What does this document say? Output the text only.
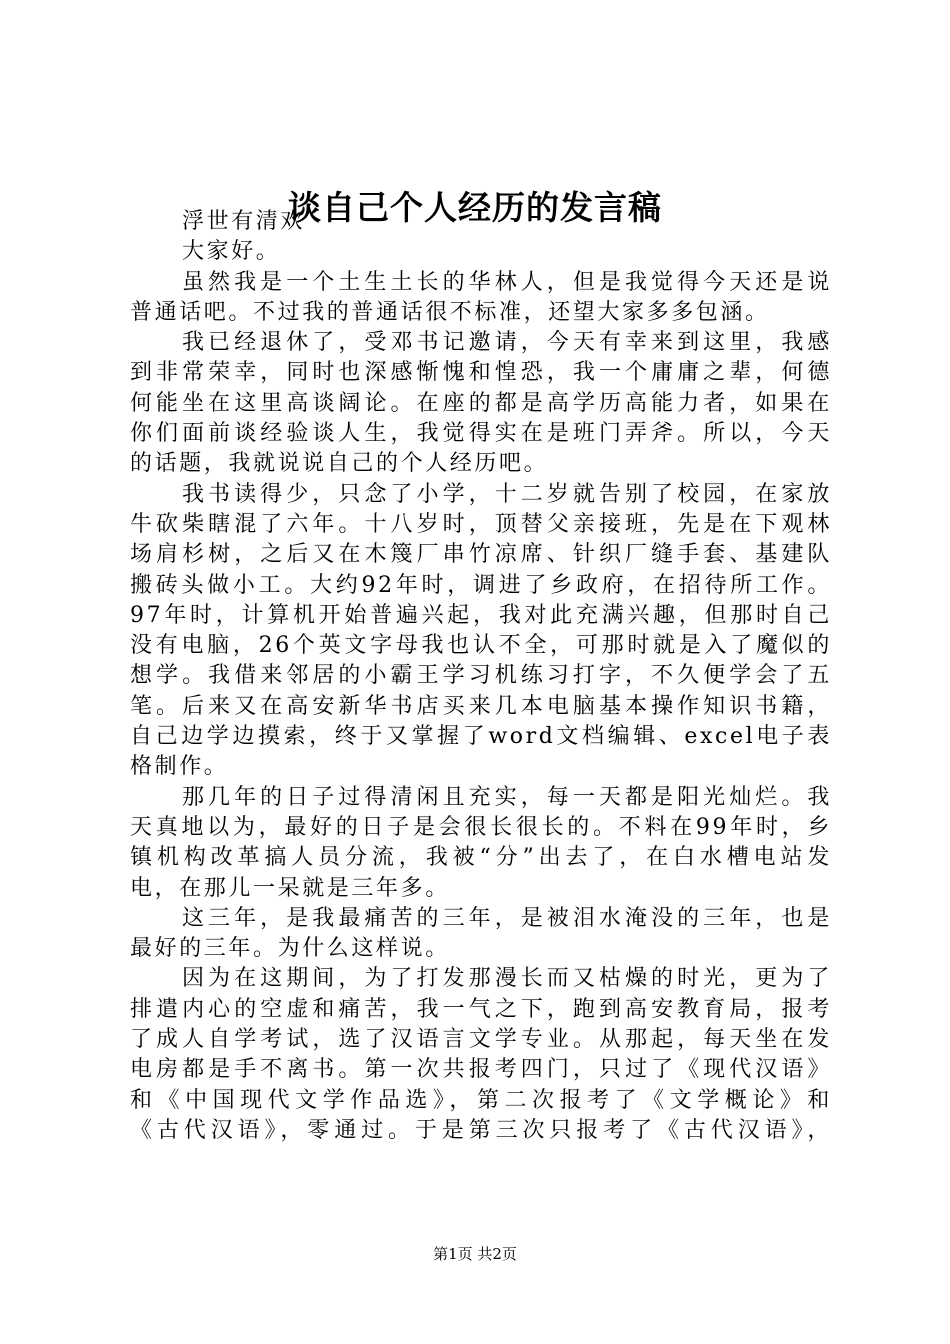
谈自己个人经历的发言稿
浮世有清欢
大家好。
虽然我是一个土生土长的华林人，但是我觉得今天还是说
普通话吧。不过我的普通话很不标准，还望大家多多包涵。
我已经退休了，受邓书记邀请，今天有幸来到这里，我感
到非常荣幸，同时也深感惭愧和惶恐，我一个庸庸之辈，何德
何能坐在这里高谈阔论。在座的都是高学历高能力者，如果在
你们面前谈经验谈人生，我觉得实在是班门弄斧。所以，今天
的话题，我就说说自己的个人经历吧。
我书读得少，只念了小学，十二岁就告别了校园，在家放
牛砍柴瞎混了六年。十八岁时，顶替父亲接班，先是在下观林
场肩杉树，之后又在木篾厂串竹凉席、针织厂缝手套、基建队
搬砖头做小工。大约92年时，调进了乡政府，在招待所工作。
97年时，计算机开始普遍兴起，我对此充满兴趣，但那时自己
没有电脑，26个英文字母我也认不全，可那时就是入了魔似的
想学。我借来邻居的小霸王学习机练习打字，不久便学会了五
笔。后来又在高安新华书店买来几本电脑基本操作知识书籍，
自己边学边摸索，终于又掌握了word文档编辑、excel电子表
格制作。
那几年的日子过得清闲且充实，每一天都是阳光灿烂。我
天真地以为，最好的日子是会很长很长的。不料在99年时，乡
镇机构改革搞人员分流，我被“分”出去了，在白水槽电站发
电，在那儿一呆就是三年多。
这三年，是我最痛苦的三年，是被泪水淹没的三年，也是
最好的三年。为什么这样说。
因为在这期间，为了打发那漫长而又枯燥的时光，更为了
排遣内心的空虚和痛苦，我一气之下，跑到高安教育局，报考
了成人自学考试，选了汉语言文学专业。从那起，每天坐在发
电房都是手不离书。第一次共报考四门，只过了《现代汉语》
和《中国现代文学作品选》，第二次报考了《文学概论》和
《古代汉语》，零通过。于是第三次只报考了《古代汉语》，
第1页 共2页
